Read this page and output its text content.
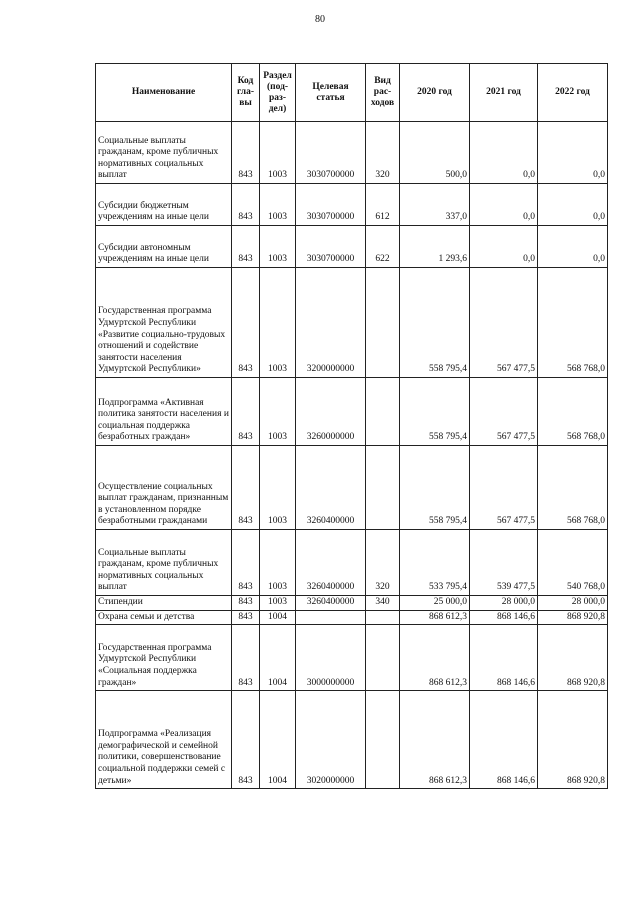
80
Наименование	Код гла- вы	Раздел (под- раз- дел)	Целевая статья	Вид рас- ходов	2020 год	2021 год	2022 год
Социальные выплаты гражданам, кроме публичных нормативных социальных выплат	843	1003	3030700000	320	500,0	0,0	0,0
Субсидии бюджетным учреждениям на иные цели	843	1003	3030700000	612	337,0	0,0	0,0
Субсидии автономным учреждениям на иные цели	843	1003	3030700000	622	1 293,6	0,0	0,0
Государственная программа Удмуртской Республики «Развитие социально-трудовых отношений и содействие занятости населения Удмуртской Республики»	843	1003	3200000000		558 795,4	567 477,5	568 768,0
Подпрограмма «Активная политика занятости населения и социальная поддержка безработных граждан»	843	1003	3260000000		558 795,4	567 477,5	568 768,0
Осуществление социальных выплат гражданам, признанным в установленном порядке безработными гражданами	843	1003	3260400000		558 795,4	567 477,5	568 768,0
Социальные выплаты гражданам, кроме публичных нормативных социальных выплат	843	1003	3260400000	320	533 795,4	539 477,5	540 768,0
Стипендии	843	1003	3260400000	340	25 000,0	28 000,0	28 000,0
Охрана семьи и детства	843	1004			868 612,3	868 146,6	868 920,8
Государственная программа Удмуртской Республики «Социальная поддержка граждан»	843	1004	3000000000		868 612,3	868 146,6	868 920,8
Подпрограмма «Реализация демографической и семейной политики, совершенствование социальной поддержки семей с детьми»	843	1004	3020000000		868 612,3	868 146,6	868 920,8
